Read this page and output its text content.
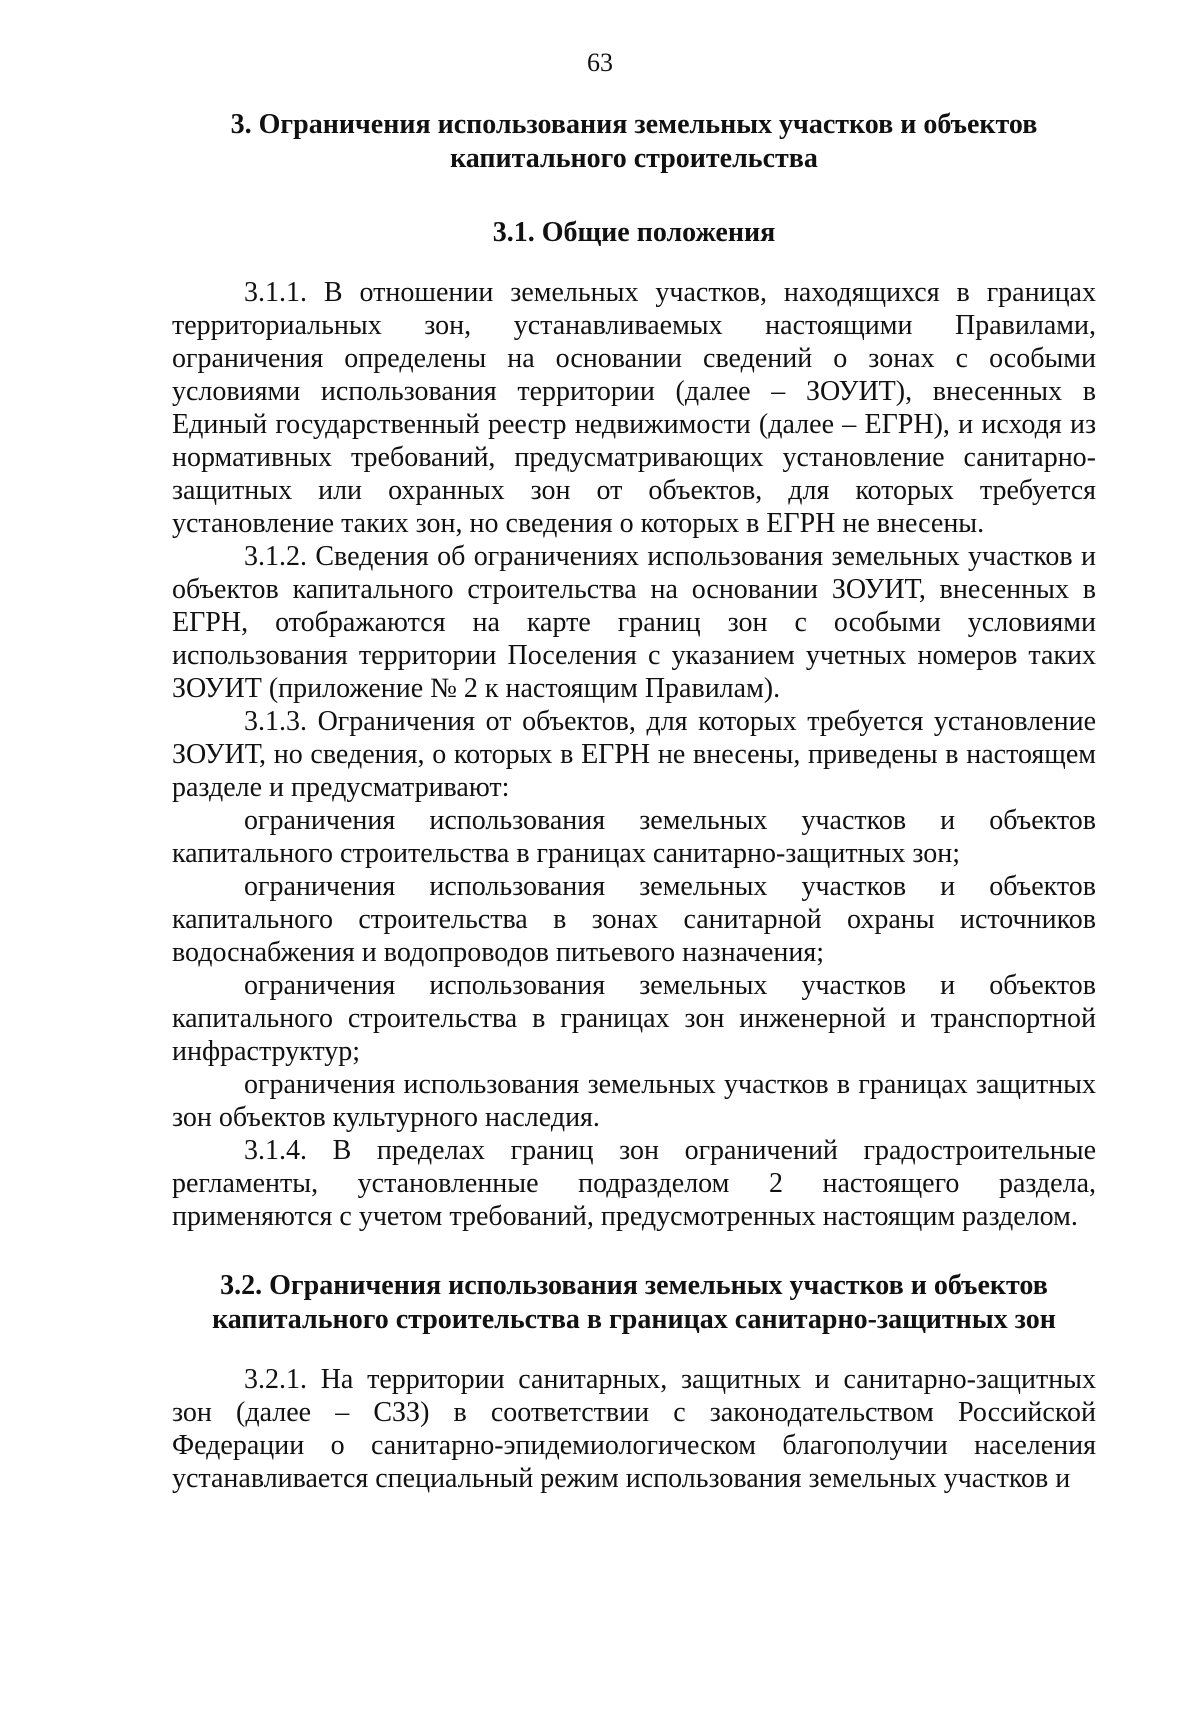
63
3. Ограничения использования земельных участков и объектов
капитального строительства
3.1. Общие положения

3.1.1. В отношении земельных участков, находящихся в границах территориальных зон, устанавливаемых настоящими Правилами, ограничения определены на основании сведений о зонах с особыми условиями использования территории (далее – ЗОУИТ), внесенных в Единый государственный реестр недвижимости (далее – ЕГРН), и исходя из нормативных требований, предусматривающих установление санитарно-защитных или охранных зон от объектов, для которых требуется установление таких зон, но сведения о которых в ЕГРН не внесены.

3.1.2. Сведения об ограничениях использования земельных участков и объектов капитального строительства на основании ЗОУИТ, внесенных в ЕГРН, отображаются на карте границ зон с особыми условиями использования территории Поселения с указанием учетных номеров таких ЗОУИТ (приложение № 2 к настоящим Правилам).

3.1.3. Ограничения от объектов, для которых требуется установление ЗОУИТ, но сведения, о которых в ЕГРН не внесены, приведены в настоящем разделе и предусматривают:

ограничения использования земельных участков и объектов капитального строительства в границах санитарно-защитных зон;

ограничения использования земельных участков и объектов капитального строительства в зонах санитарной охраны источников водоснабжения и водопроводов питьевого назначения;

ограничения использования земельных участков и объектов капитального строительства в границах зон инженерной и транспортной инфраструктур;

ограничения использования земельных участков в границах защитных зон объектов культурного наследия.

3.1.4. В пределах границ зон ограничений градостроительные регламенты, установленные подразделом 2 настоящего раздела, применяются с учетом требований, предусмотренных настоящим разделом.

3.2. Ограничения использования земельных участков и объектов
капитального строительства в границах санитарно-защитных зон

3.2.1. На территории санитарных, защитных и санитарно-защитных зон (далее – СЗЗ) в соответствии с законодательством Российской Федерации о санитарно-эпидемиологическом благополучии населения устанавливается специальный режим использования земельных участков и
